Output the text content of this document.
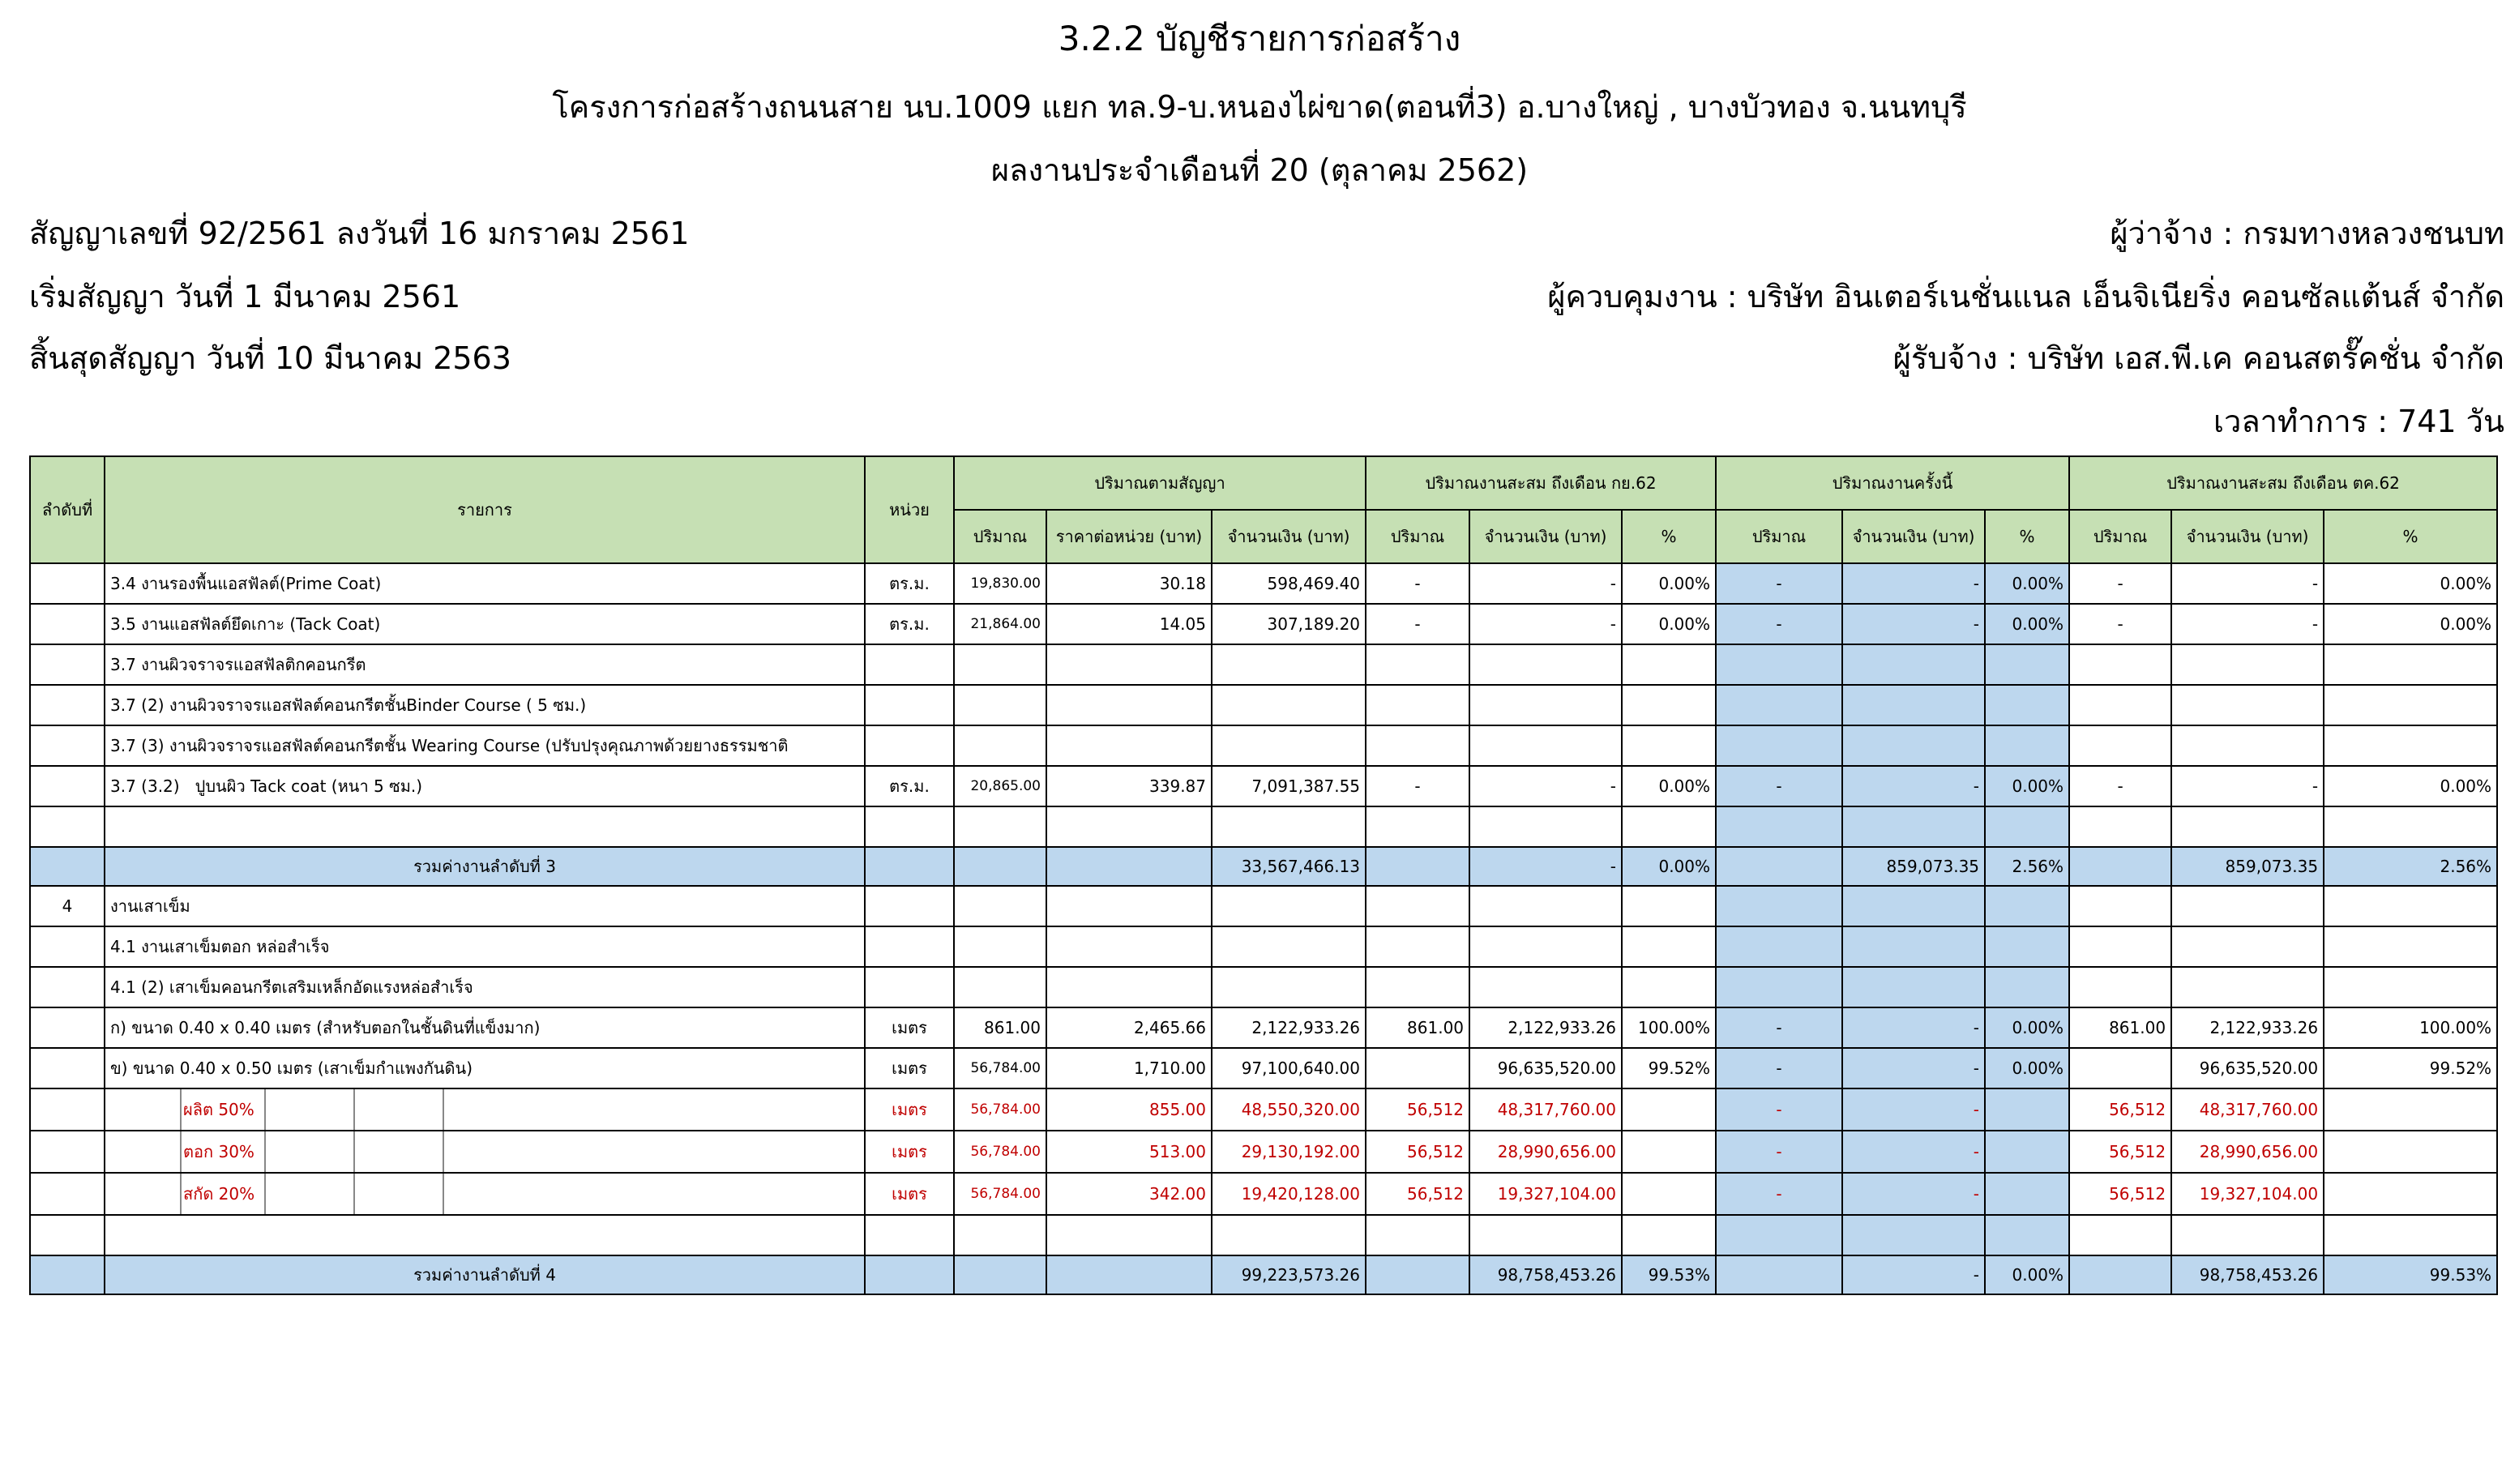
3.2.2 บัญชีรายการก่อสร้าง
โครงการก่อสร้างถนนสาย นบ.1009 แยก ทล.9-บ.หนองไผ่ขาด(ตอนที่3) อ.บางใหญ่ , บางบัวทอง จ.นนทบุรี
ผลงานประจำเดือนที่ 20 (ตุลาคม 2562)
สัญญาเลขที่ 92/2561 ลงวันที่ 16 มกราคม 2561
เริ่มสัญญา วันที่ 1 มีนาคม 2561
สิ้นสุดสัญญา วันที่ 10 มีนาคม 2563
ผู้ว่าจ้าง : กรมทางหลวงชนบท
ผู้ควบคุมงาน : บริษัท อินเตอร์เนชั่นแนล เอ็นจิเนียริ่ง คอนซัลแต้นส์ จำกัด
ผู้รับจ้าง : บริษัท เอส.พี.เค คอนสตรั๊คชั่น จำกัด
เวลาทำการ : 741 วัน
ลำดับที่	รายการ	หน่วย	ปริมาณตามสัญญา			ปริมาณงานสะสม ถึงเดือน กย.62			ปริมาณงานครั้งนี้			ปริมาณงานสะสม ถึงเดือน ตค.62		
			ปริมาณ	ราคาต่อหน่วย (บาท)	จำนวนเงิน (บาท)	ปริมาณ	จำนวนเงิน (บาท)	%	ปริมาณ	จำนวนเงิน (บาท)	%	ปริมาณ	จำนวนเงิน (บาท)	%
	3.4 งานรองพื้นแอสฟัลต์(Prime Coat)	ตร.ม.	19,830.00	30.18	598,469.40	-	-	0.00%	-	-	0.00%	-	-	0.00%
	3.5 งานแอสฟัลต์ยึดเกาะ (Tack Coat)	ตร.ม.	21,864.00	14.05	307,189.20	-	-	0.00%	-	-	0.00%	-	-	0.00%
	3.7 งานผิวจราจรแอสฟัลติกคอนกรีต													
	3.7 (2) งานผิวจราจรแอสฟัลต์คอนกรีตชั้นBinder Course ( 5 ซม.)													
	3.7 (3) งานผิวจราจรแอสฟัลต์คอนกรีตชั้น Wearing Course (ปรับปรุงคุณภาพด้วยยางธรรมชาติ													
	3.7 (3.2) ปูบนผิว Tack coat (หนา 5 ซม.)	ตร.ม.	20,865.00	339.87	7,091,387.55	-	-	0.00%	-	-	0.00%	-	-	0.00%

	รวมค่างานลำดับที่ 3				33,567,466.13		-	0.00%		859,073.35	2.56%		859,073.35	2.56%
4	งานเสาเข็ม													
	4.1 งานเสาเข็มตอก หล่อสำเร็จ													
	4.1 (2) เสาเข็มคอนกรีตเสริมเหล็กอัดแรงหล่อสำเร็จ													
	ก) ขนาด 0.40 x 0.40 เมตร (สำหรับตอกในชั้นดินที่แข็งมาก)	เมตร	861.00	2,465.66	2,122,933.26	861.00	2,122,933.26	100.00%	-	-	0.00%	861.00	2,122,933.26	100.00%
	ข) ขนาด 0.40 x 0.50 เมตร (เสาเข็มกำแพงกันดิน)	เมตร	56,784.00	1,710.00	97,100,640.00		96,635,520.00	99.52%	-	-	0.00%		96,635,520.00	99.52%
	ผลิต 50%	เมตร	56,784.00	855.00	48,550,320.00	56,512	48,317,760.00		-	-		56,512	48,317,760.00	
	ตอก 30%	เมตร	56,784.00	513.00	29,130,192.00	56,512	28,990,656.00		-	-		56,512	28,990,656.00	
	สกัด 20%	เมตร	56,784.00	342.00	19,420,128.00	56,512	19,327,104.00		-	-		56,512	19,327,104.00	

	รวมค่างานลำดับที่ 4				99,223,573.26		98,758,453.26	99.53%		-	0.00%		98,758,453.26	99.53%
